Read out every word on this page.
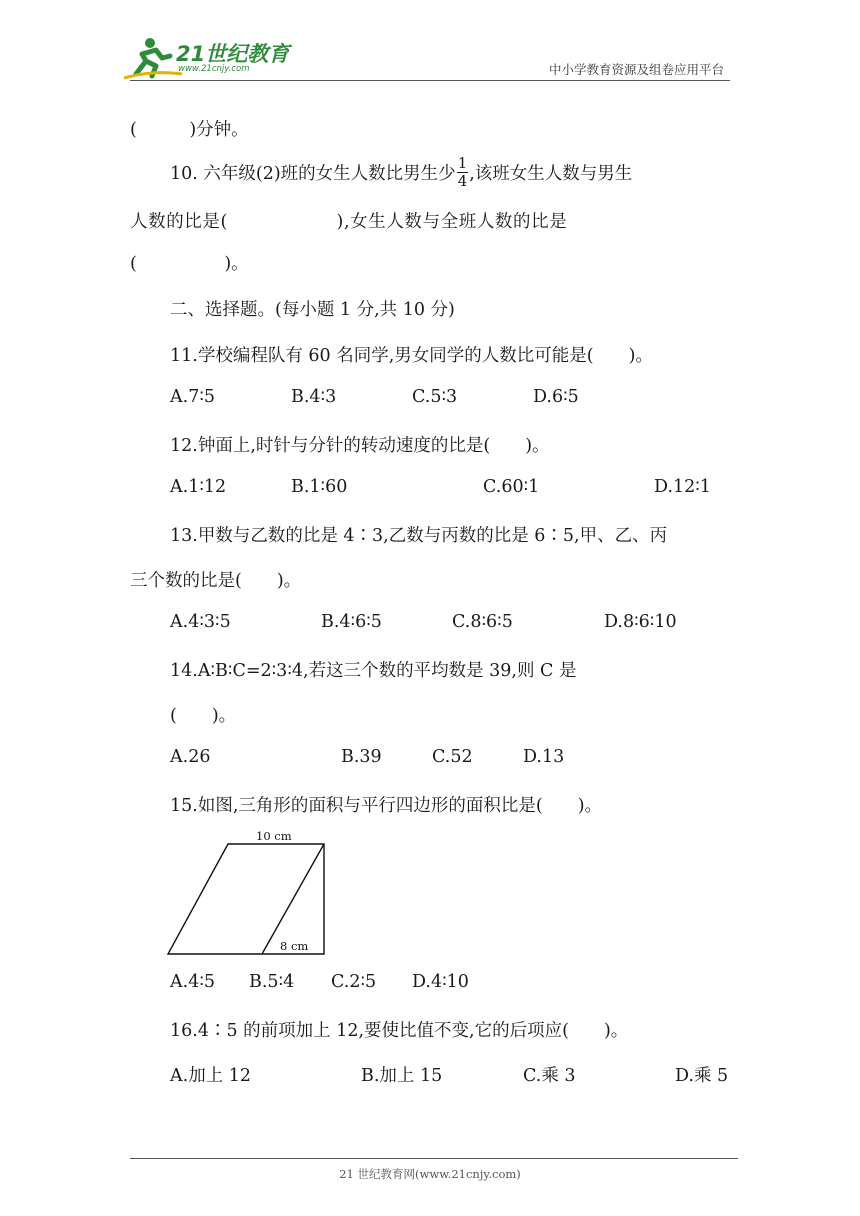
21世纪教育
www.21cnjy.com	中小学教育资源及组卷应用平台
(　　　)分钟。
10. 六年级(2)班的女生人数比男生少 $\frac{1}{4}$ ,该班女生人数与男生
人数的比是(　　　　　　),女生人数与全班人数的比是
(　　　　　)。
二、选择题。(每小题 1 分,共 10 分)
11.学校编程队有 60 名同学,男女同学的人数比可能是(　　)。
A.7∶5	B.4∶3	C.5∶3	D.6∶5
12.钟面上,时针与分针的转动速度的比是(　　)。
A.1∶12	B.1∶60	C.60∶1	D.12∶1
13.甲数与乙数的比是 4∶3,乙数与丙数的比是 6∶5,甲、乙、丙
三个数的比是(　　)。
A.4∶3∶5	B.4∶6∶5	C.8∶6∶5	D.8∶6∶10
14.A∶B∶C=2∶3∶4,若这三个数的平均数是 39,则 C 是
(　　)。
A.26	B.39	C.52	D.13
15.如图,三角形的面积与平行四边形的面积比是(　　)。
10 cm
8 cm
A.4∶5 B.5∶4 C.2∶5 D.4∶10
16.4∶5 的前项加上 12,要使比值不变,它的后项应(　　)。
A.加上 12	B.加上 15	C.乘 3	D.乘 5
21 世纪教育网(www.21cnjy.com)
